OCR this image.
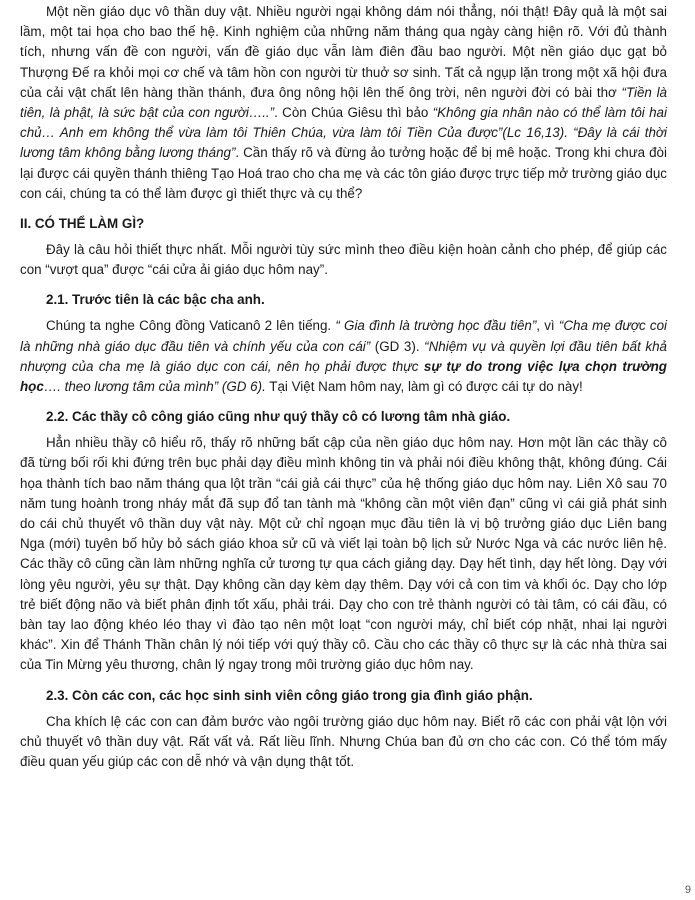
Một nền giáo dục vô thần duy vật. Nhiều người ngại không dám nói thẳng, nói thật! Đây quả là một sai lầm, một tai họa cho bao thế hệ. Kinh nghiệm của những năm tháng qua ngày càng hiện rõ. Với đủ thành tích, nhưng vấn đề con người, vấn đề giáo dục vẫn làm điên đầu bao người. Một nền giáo dục gạt bỏ Thượng Đế ra khỏi mọi cơ chế và tâm hồn con người từ thuở sơ sinh. Tất cả ngụp lặn trong một xã hội đưa của cải vật chất lên hàng thần thánh, đưa ông nông hội lên thế ông trời, nên người đời có bài thơ “Tiền là tiên, là phật, là sức bật của con người…..”. Còn Chúa Giêsu thì bảo “Không gia nhân nào có thể làm tôi hai chủ… Anh em không thể vừa làm tôi Thiên Chúa, vừa làm tôi Tiền Của được”(Lc 16,13). “Đây là cái thời lương tâm không bằng lương tháng”. Cần thấy rõ và đừng ảo tưởng hoặc để bị mê hoặc. Trong khi chưa đòi lại được cái quyền thánh thiêng Tạo Hoá trao cho cha mẹ và các tôn giáo được trực tiếp mở trường giáo dục con cái, chúng ta có thể làm được gì thiết thực và cụ thể?

II. CÓ THỂ LÀM GÌ?

Đây là câu hỏi thiết thực nhất. Mỗi người tùy sức mình theo điều kiện hoàn cảnh cho phép, để giúp các con “vượt qua” được “cái cửa ải giáo dục hôm nay”.

2.1. Trước tiên là các bậc cha anh.

Chúng ta nghe Công đồng Vaticanô 2 lên tiếng. “ Gia đình là trường học đầu tiên”, vì “Cha mẹ được coi là những nhà giáo dục đầu tiên và chính yếu của con cái” (GD 3). “Nhiệm vụ và quyền lợi đầu tiên bất khả nhượng của cha mẹ là giáo dục con cái, nên họ phải được thực sự tự do trong việc lựa chọn trường học…. theo lương tâm của mình” (GD 6). Tại Việt Nam hôm nay, làm gì có được cái tự do này!

2.2. Các thầy cô công giáo cũng như quý thầy cô có lương tâm nhà giáo.

Hẳn nhiều thầy cô hiểu rõ, thấy rõ những bất cập của nền giáo dục hôm nay. Hơn một lần các thầy cô đã từng bối rối khi đứng trên bục phải dạy điều mình không tin và phải nói điều không thật, không đúng. Cái họa thành tích bao năm tháng qua lột trần “cái giả cái thực” của hệ thống giáo dục hôm nay. Liên Xô sau 70 năm tung hoành trong nháy mắt đã sụp đổ tan tành mà “không cần một viên đạn” cũng vì cái giả phát sinh do cái chủ thuyết vô thần duy vật này. Một cử chỉ ngoạn mục đầu tiên là vị bộ trưởng giáo dục Liên bang Nga (mới) tuyên bố hủy bỏ sách giáo khoa sử cũ và viết lại toàn bộ lịch sử Nước Nga và các nước liên hệ. Các thầy cô cũng cần làm những nghĩa cử tương tự qua cách giảng dạy. Dạy hết tình, dạy hết lòng. Dạy với lòng yêu người, yêu sự thật. Dạy không cần dạy kèm dạy thêm. Dạy với cả con tim và khối óc. Dạy cho lớp trẻ biết động não và biết phân định tốt xấu, phải trái. Dạy cho con trẻ thành người có tài tâm, có cái đầu, có bàn tay lao động khéo léo thay vì đào tạo nên một loạt “con người máy, chỉ biết cóp nhặt, nhai lại người khác”. Xin để Thánh Thần chân lý nói tiếp với quý thầy cô. Cầu cho các thầy cô thực sự là các nhà thừa sai của Tin Mừng yêu thương, chân lý ngay trong môi trường giáo dục hôm nay.

2.3. Còn các con, các học sinh sinh viên công giáo trong gia đình giáo phận.

Cha khích lệ các con can đảm bước vào ngôi trường giáo dục hôm nay. Biết rõ các con phải vật lộn với chủ thuyết vô thần duy vật. Rất vất vả. Rất liều lĩnh. Nhưng Chúa ban đủ ơn cho các con. Có thể tóm mấy điều quan yếu giúp các con dễ nhớ và vận dụng thật tốt.

9
